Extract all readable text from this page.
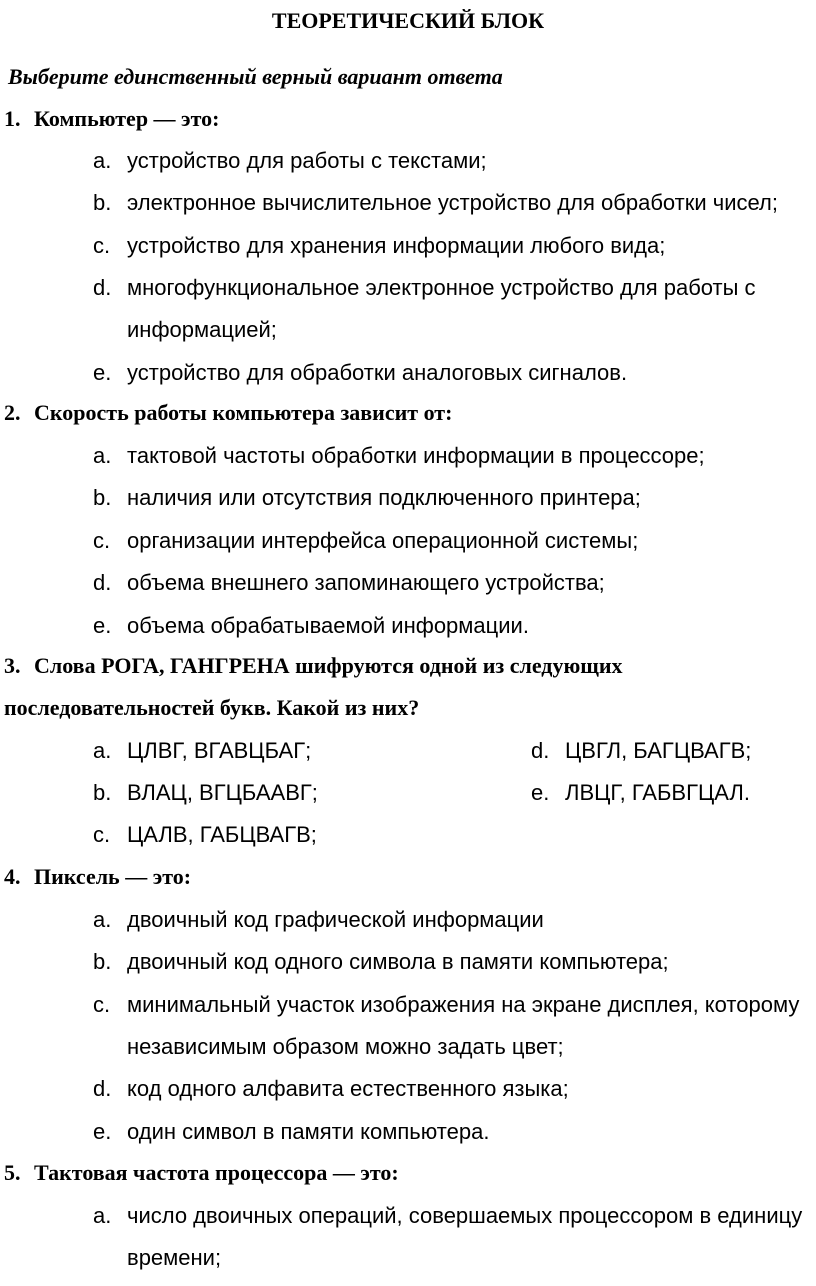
ТЕОРЕТИЧЕСКИЙ БЛОК
Выберите единственный верный вариант ответа
1. Компьютер — это:
a. устройство для работы с текстами;
b. электронное вычислительное устройство для обработки чисел;
c. устройство для хранения информации любого вида;
d. многофункциональное электронное устройство для работы с
информацией;
e. устройство для обработки аналоговых сигналов.
2. Скорость работы компьютера зависит от:
a. тактовой частоты обработки информации в процессоре;
b. наличия или отсутствия подключенного принтера;
c. организации интерфейса операционной системы;
d. объема внешнего запоминающего устройства;
e. объема обрабатываемой информации.
3. Слова РОГА, ГАНГРЕНА шифруются одной из следующих
последовательностей букв. Какой из них?
a. ЦЛВГ, ВГАВЦБАГ;	d. ЦВГЛ, БАГЦВАГВ;
b. ВЛАЦ, ВГЦБААВГ;	e. ЛВЦГ, ГАБВГЦАЛ.
c. ЦАЛВ, ГАБЦВАГВ;
4. Пиксель — это:
a. двоичный код графической информации
b. двоичный код одного символа в памяти компьютера;
c. минимальный участок изображения на экране дисплея, которому
независимым образом можно задать цвет;
d. код одного алфавита естественного языка;
e. один символ в памяти компьютера.
5. Тактовая частота процессора — это:
a. число двоичных операций, совершаемых процессором в единицу
времени;
